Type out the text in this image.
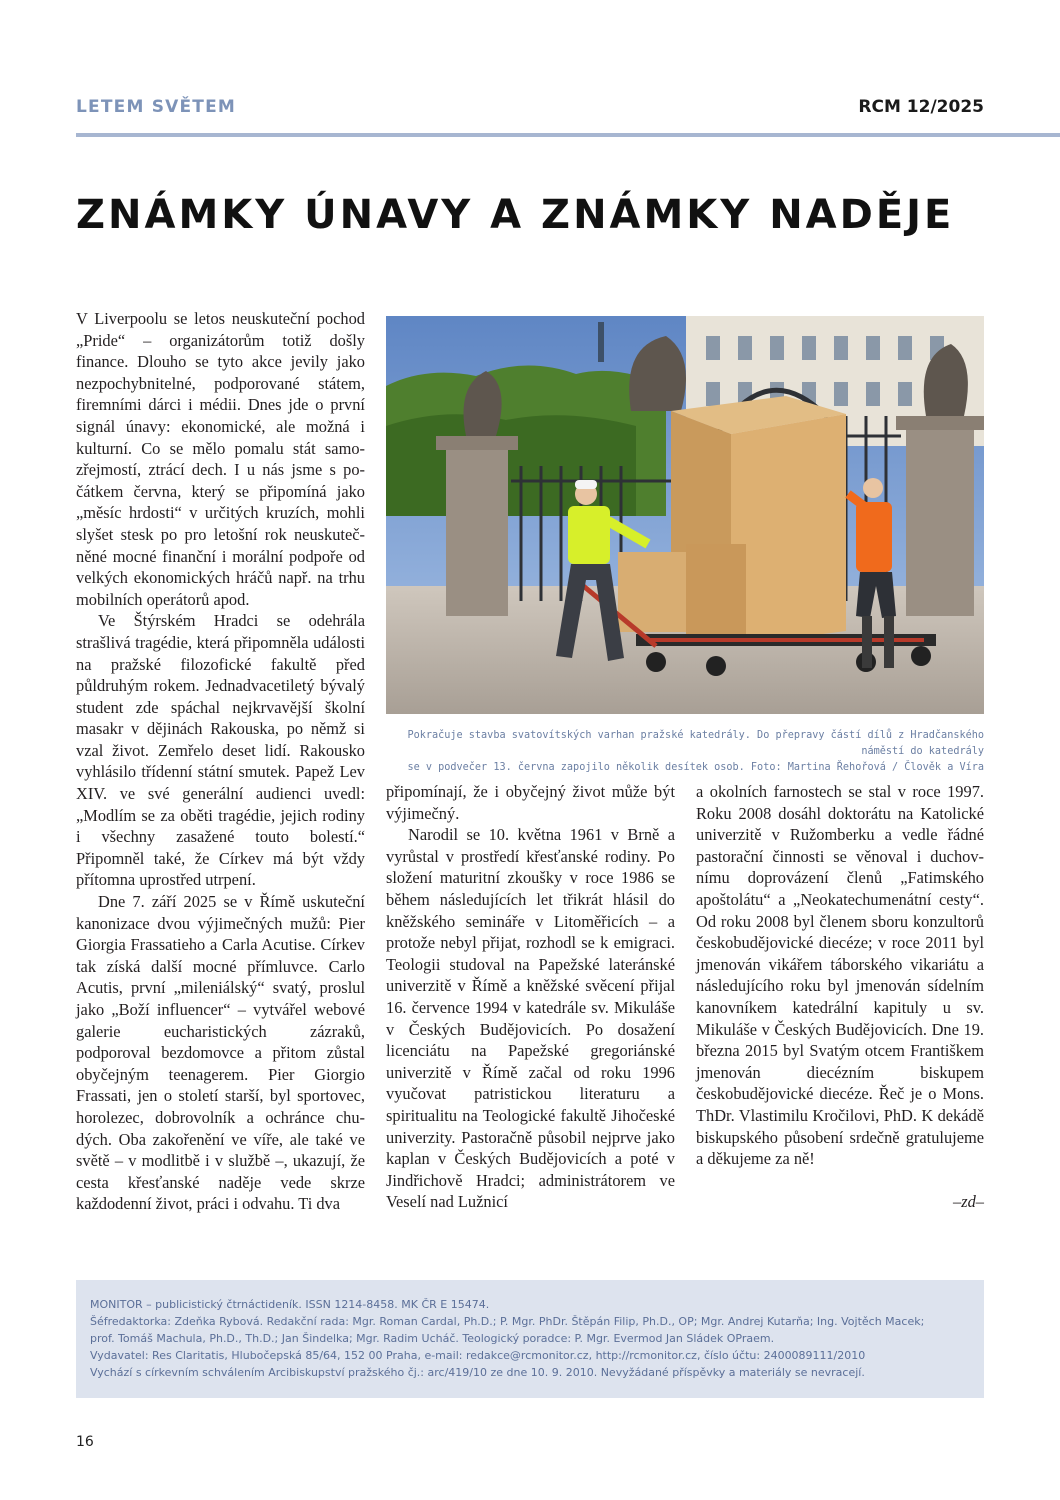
LETEM SVĚTEM	RCM 12/2025
ZNÁMKY ÚNAVY A ZNÁMKY NADĚJE

V Liverpoolu se letos neuskuteční pochod „Pride“ – organizátorům totiž došly finance. Dlouho se tyto akce jevily jako nezpochybnitelné, podporované státem, firemními dárci i médii. Dnes jde o první signál únavy: ekonomické, ale možná i kulturní. Co se mělo pomalu stát samozřejmostí, ztrácí dech. I u nás jsme s počátkem června, který se připomíná jako „měsíc hrdosti“ v určitých kruzích, mohli slyšet stesk po pro letošní rok neuskutečněné mocné finanční i morální podpoře od velkých ekonomických hráčů např. na trhu mobilních operátorů apod.

Ve Štýrském Hradci se odehrála strašlivá tragédie, která připomněla události na pražské filozofické fakultě před půldruhým rokem. Jednadvacetiletý bývalý student zde spáchal nejkrvavější školní masakr v dějinách Rakouska, po němž si vzal život. Zemřelo deset lidí. Rakousko vyhlásilo třídenní státní smutek. Papež Lev XIV. ve své generální audienci uvedl: „Modlím se za oběti tragédie, jejich rodiny i všechny zasažené touto bolestí.“ Připomněl také, že Církev má být vždy přítomna uprostřed utrpení.

Dne 7. září 2025 se v Římě uskuteční kanonizace dvou výjimečných mužů: Pier Giorgia Frassatieho a Carla Acutise. Církev tak získá další mocné přímluvce. Carlo Acutis, první „mileniálský“ svatý, proslul jako „Boží influencer“ – vytvářel webové galerie eucharistických zázraků, podporoval bezdomovce a přitom zůstal obyčejným teenagerem. Pier Giorgio Frassati, jen o století starší, byl sportovec, horolezec, dobrovolník a ochránce chudých. Oba zakořenění ve víře, ale také ve světě – v modlitbě i v službě –, ukazují, že cesta křesťanské naděje vede skrze každodenní život, práci i odvahu. Ti dva

Pokračuje stavba svatovítských varhan pražské katedrály. Do přepravy částí dílů z Hradčanského náměstí do katedrály
se v podvečer 13. června zapojilo několik desítek osob. Foto: Martina Řehořová / Člověk a Víra

připomínají, že i obyčejný život může být výjimečný.

Narodil se 10. května 1961 v Brně a vyrůstal v prostředí křesťanské rodiny. Po složení maturitní zkoušky v roce 1986 se během následujících let třikrát hlásil do kněžského semináře v Litoměřicích – a protože nebyl přijat, rozhodl se k emigraci. Teologii studoval na Papežské lateránské univerzitě v Římě a kněžské svěcení přijal 16. července 1994 v katedrále sv. Mikuláše v Českých Budějovicích. Po dosažení licenciátu na Papežské gregoriánské univerzitě v Římě začal od roku 1996 vyučovat patristickou literaturu a spiritualitu na Teologické fakultě Jihočeské univerzity. Pastoračně působil nejprve jako kaplan v Českých Budějovicích a poté v Jindřichově Hradci; administrátorem ve Veselí nad Lužnicí

a okolních farnostech se stal v roce 1997. Roku 2008 dosáhl doktorátu na Katolické univerzitě v Ružomberku a vedle řádné pastorační činnosti se věnoval i duchovnímu doprovázení členů „Fatimského apoštolátu“ a „Neokatechumenátní cesty“. Od roku 2008 byl členem sboru konzultorů českobudějovické diecéze; v roce 2011 byl jmenován vikářem táborského vikariátu a následujícího roku byl jmenován sídelním kanovníkem katedrální kapituly u sv. Mikuláše v Českých Budějovicích. Dne 19. března 2015 byl Svatým otcem Františkem jmenován diecézním biskupem českobudějovické diecéze. Řeč je o Mons. ThDr. Vlastimilu Kročilovi, PhD. K dekádě biskupského působení srdečně gratulujeme a děkujeme za ně!

–zd–

MONITOR – publicistický čtrnáctideník. ISSN 1214-8458. MK ČR E 15474.
Šéfredaktorka: Zdeňka Rybová. Redakční rada: Mgr. Roman Cardal, Ph.D.; P. Mgr. PhDr. Štěpán Filip, Ph.D., OP; Mgr. Andrej Kutarňa; Ing. Vojtěch Macek;
prof. Tomáš Machula, Ph.D., Th.D.; Jan Šindelka; Mgr. Radim Ucháč. Teologický poradce: P. Mgr. Evermod Jan Sládek OPraem.
Vydavatel: Res Claritatis, Hlubočepská 85/64, 152 00 Praha, e-mail: redakce@rcmonitor.cz, http://rcmonitor.cz, číslo účtu: 2400089111/2010
Vychází s církevním schválením Arcibiskupství pražského čj.: arc/419/10 ze dne 10. 9. 2010. Nevyžádané příspěvky a materiály se nevracejí.
16
